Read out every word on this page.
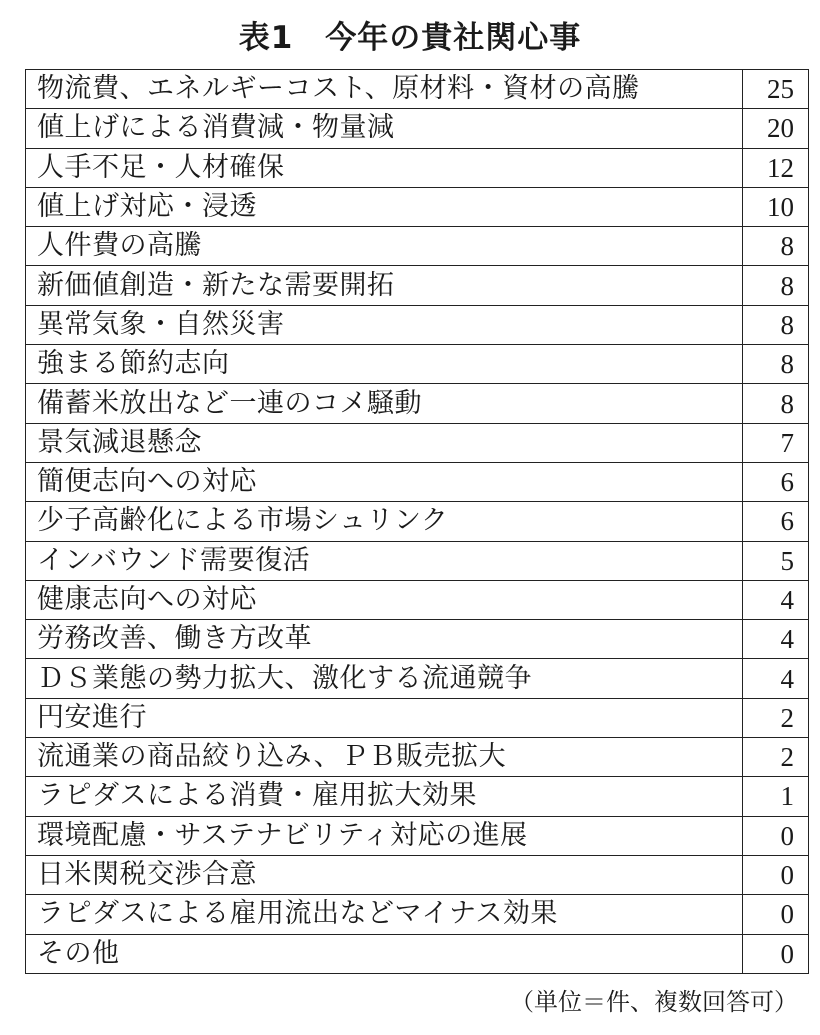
表1　今年の貴社関心事
物流費、エネルギーコスト、原材料・資材の高騰	25
値上げによる消費減・物量減	20
人手不足・人材確保	12
値上げ対応・浸透	10
人件費の高騰	8
新価値創造・新たな需要開拓	8
異常気象・自然災害	8
強まる節約志向	8
備蓄米放出など一連のコメ騒動	8
景気減退懸念	7
簡便志向への対応	6
少子高齢化による市場シュリンク	6
インバウンド需要復活	5
健康志向への対応	4
労務改善、働き方改革	4
ＤＳ業態の勢力拡大、激化する流通競争	4
円安進行	2
流通業の商品絞り込み、ＰＢ販売拡大	2
ラピダスによる消費・雇用拡大効果	1
環境配慮・サステナビリティ対応の進展	0
日米関税交渉合意	0
ラピダスによる雇用流出などマイナス効果	0
その他	0
（単位＝件、複数回答可）
